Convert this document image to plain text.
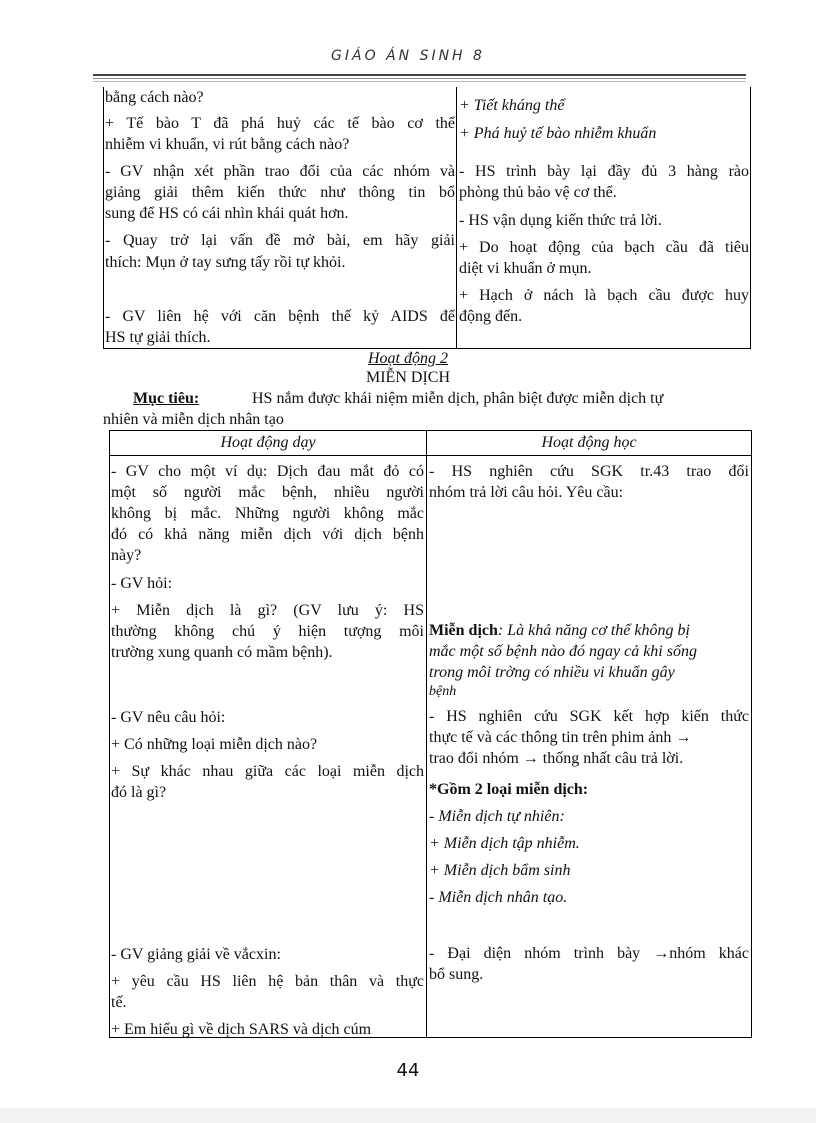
GIÁO ÁN SINH 8
bằng cách nào?
+ Tế bào T đã phá huỷ các tế bào cơ thể
nhiễm vi khuẩn, vi rút bằng cách nào?
- GV nhận xét phần trao đổi của các nhóm và
giảng giải thêm kiến thức như thông tin bổ
sung để HS có cái nhìn khái quát hơn.
- Quay trở lại vấn đề mở bài, em hãy giải
thích: Mụn ở tay sưng tấy rồi tự khỏi.
- GV liên hệ với căn bệnh thế kỷ AIDS để
HS tự giải thích.
+ Tiết kháng thể
+ Phá huỷ tế bào nhiễm khuẩn
- HS trình bày lại đầy đủ 3 hàng rào
phòng thủ bảo vệ cơ thể.
- HS vận dụng kiến thức trả lời.
+ Do hoạt động của bạch cầu đã tiêu
diệt vi khuẩn ở mụn.
+ Hạch ở nách là bạch cầu được huy
động đến.
Hoạt động 2
MIỄN DỊCH
Mục tiêu:	HS nắm được khái niệm miễn dịch, phân biệt được miễn dịch tự
nhiên và miễn dịch nhân tạo
Hoạt động dạy	Hoạt động học
- GV cho một ví dụ: Dịch đau mắt đỏ có
một số người mắc bệnh, nhiều người
không bị mắc. Những người không mắc
đó có khả năng miễn dịch với dịch bệnh
này?
- GV hỏi:
+ Miễn dịch là gì? (GV lưu ý: HS
thường không chú ý hiện tượng môi
trường xung quanh có mầm bệnh).
- GV nêu câu hỏi:
+ Có những loại miễn dịch nào?
+ Sự khác nhau giữa các loại miễn dịch
đó là gì?
- GV giảng giải về vắcxin:
+ yêu cầu HS liên hệ bản thân và thực
tế.
+ Em hiểu gì về dịch SARS và dịch cúm
- HS nghiên cứu SGK tr.43 trao đổi
nhóm trả lời câu hỏi. Yêu cầu:
Miễn dịch: Là khả năng cơ thể không bị
mắc một số bệnh nào đó ngay cả khi sống
trong môi trờng có nhiều vi khuẩn gây
bệnh
- HS nghiên cứu SGK kết hợp kiến thức
thực tế và các thông tin trên phim ảnh →
trao đổi nhóm → thống nhất câu trả lời.
*Gồm 2 loại miễn dịch:
- Miễn dịch tự nhiên:
+ Miễn dịch tập nhiễm.
+ Miễn dịch bẩm sinh
- Miễn dịch nhân tạo.
- Đại diện nhóm trình bày →nhóm khác
bổ sung.
44
